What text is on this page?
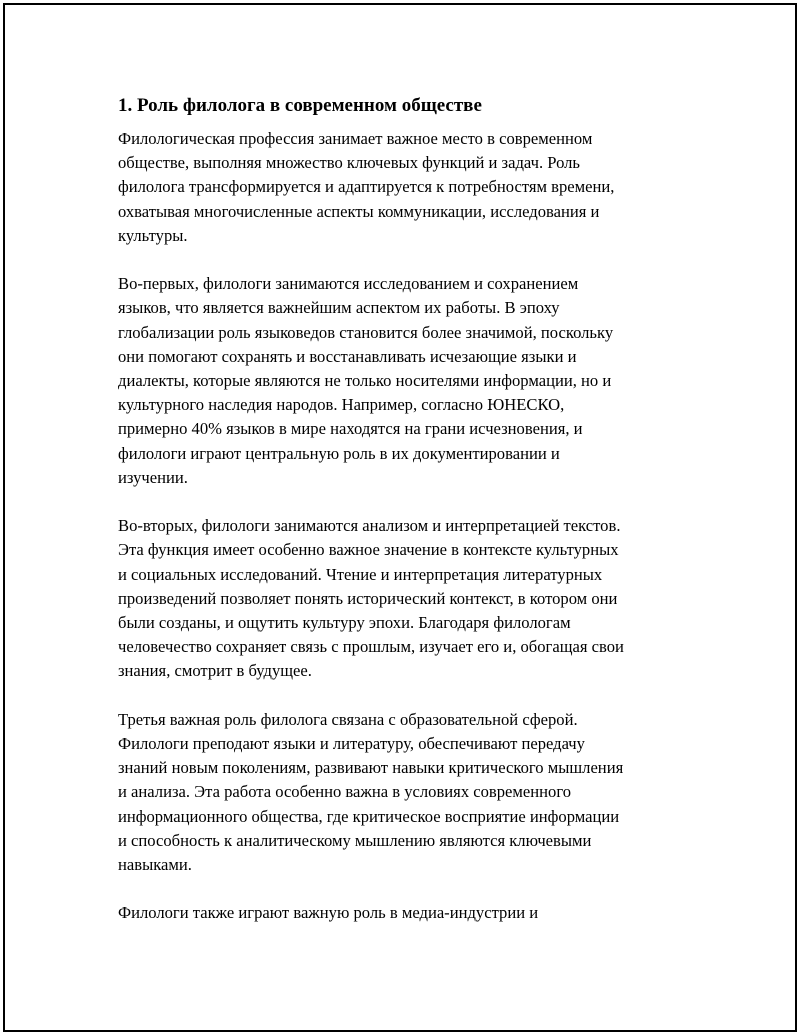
1. Роль филолога в современном обществе
Филологическая профессия занимает важное место в современном
обществе, выполняя множество ключевых функций и задач. Роль
филолога трансформируется и адаптируется к потребностям времени,
охватывая многочисленные аспекты коммуникации, исследования и
культуры.
Во-первых, филологи занимаются исследованием и сохранением
языков, что является важнейшим аспектом их работы. В эпоху
глобализации роль языковедов становится более значимой, поскольку
они помогают сохранять и восстанавливать исчезающие языки и
диалекты, которые являются не только носителями информации, но и
культурного наследия народов. Например, согласно ЮНЕСКО,
примерно 40% языков в мире находятся на грани исчезновения, и
филологи играют центральную роль в их документировании и
изучении.
Во-вторых, филологи занимаются анализом и интерпретацией текстов.
Эта функция имеет особенно важное значение в контексте культурных
и социальных исследований. Чтение и интерпретация литературных
произведений позволяет понять исторический контекст, в котором они
были созданы, и ощутить культуру эпохи. Благодаря филологам
человечество сохраняет связь с прошлым, изучает его и, обогащая свои
знания, смотрит в будущее.
Третья важная роль филолога связана с образовательной сферой.
Филологи преподают языки и литературу, обеспечивают передачу
знаний новым поколениям, развивают навыки критического мышления
и анализа. Эта работа особенно важна в условиях современного
информационного общества, где критическое восприятие информации
и способность к аналитическому мышлению являются ключевыми
навыками.
Филологи также играют важную роль в медиа-индустрии и
